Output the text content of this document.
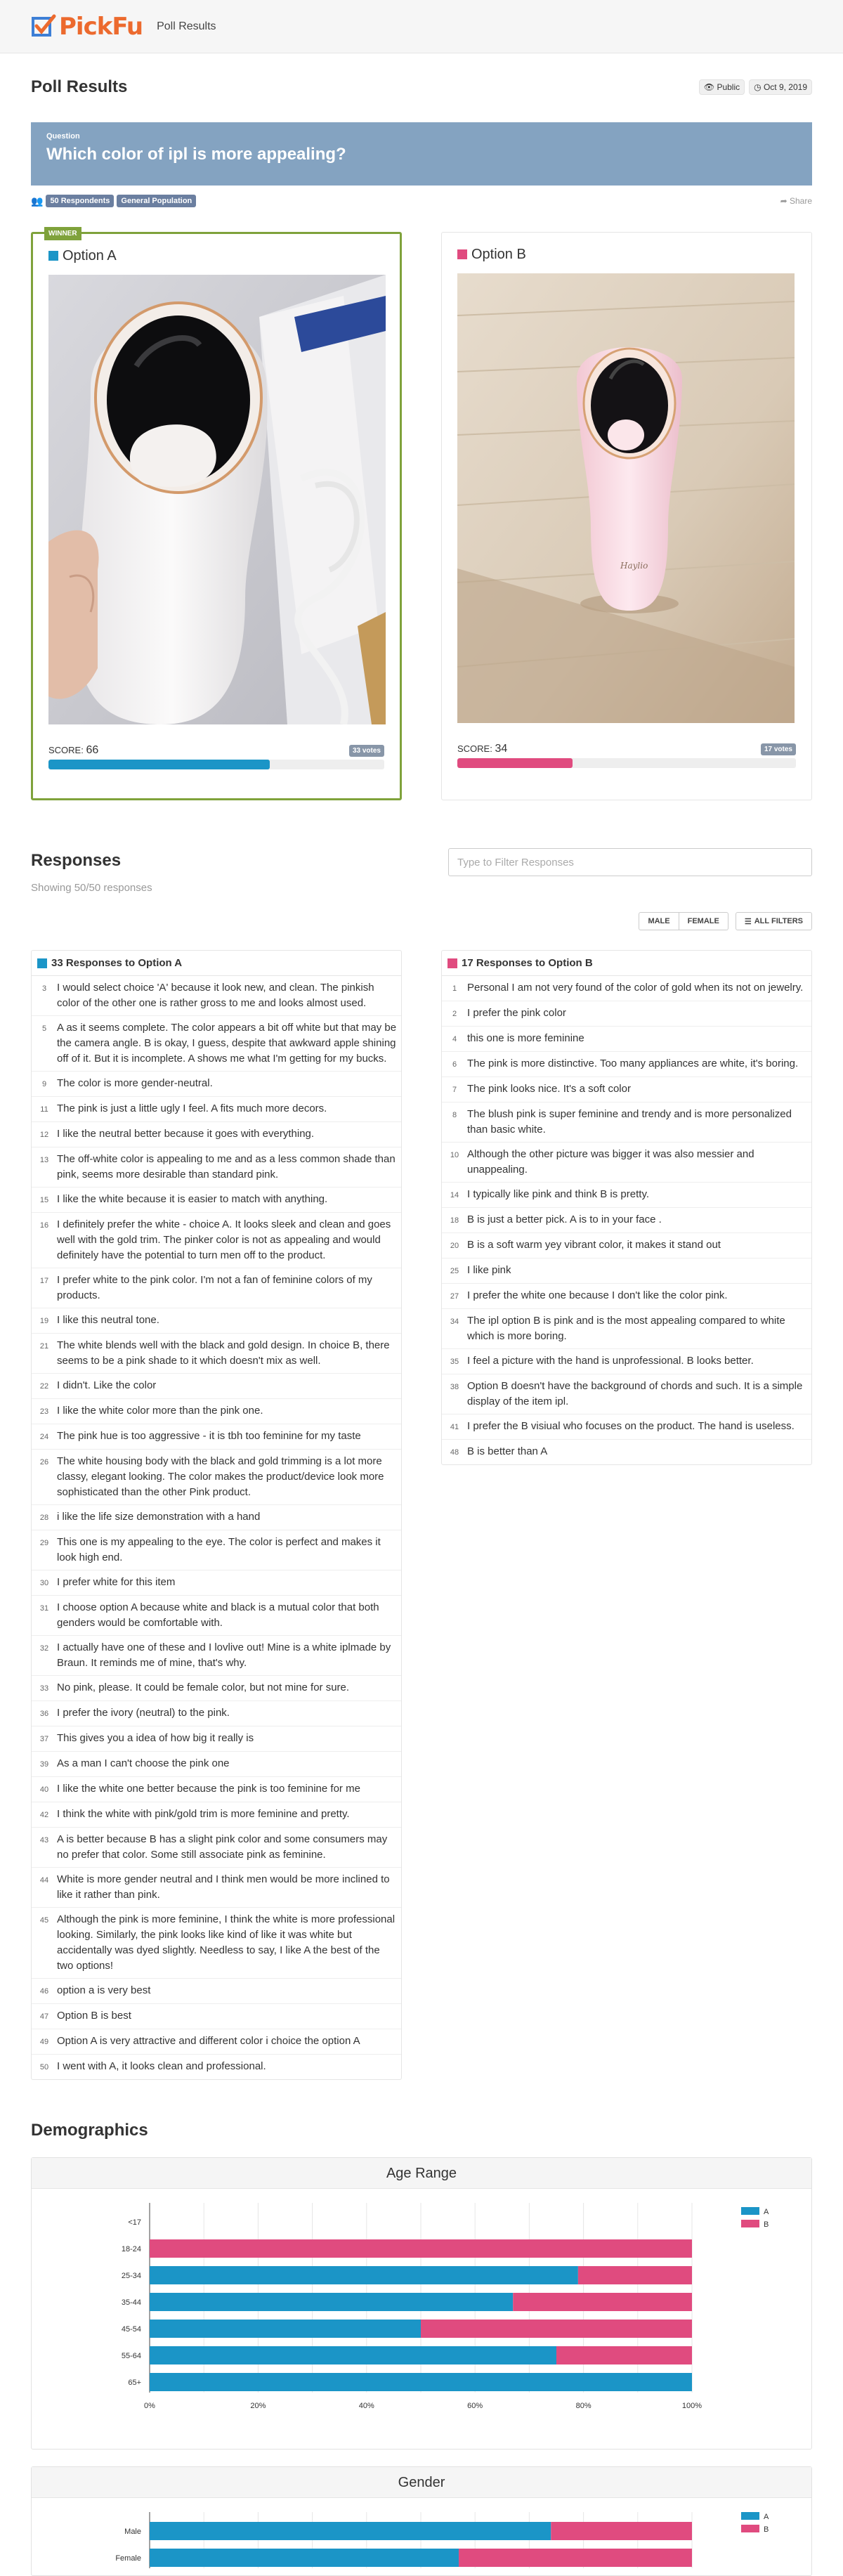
PickFu Poll Results
Poll Results	👁 Public	◷ Oct 9, 2019
Question
Which color of ipl is more appealing?
👥 50 Respondents	General Population	➦ Share
WINNER
Option A
SCORE: 66	33 votes
Option B
Haylio
SCORE: 34	17 votes
Responses
Showing 50/50 responses
Type to Filter Responses
MALE	FEMALE	☰ ALL FILTERS
33 Responses to Option A
3 I would select choice 'A' because it look new, and clean. The pinkish color of the other one is rather gross to me and looks almost used.
5 A as it seems complete. The color appears a bit off white but that may be the camera angle. B is okay, I guess, despite that awkward apple shining off of it. But it is incomplete. A shows me what I'm getting for my bucks.
9 The color is more gender-neutral.
11 The pink is just a little ugly I feel. A fits much more decors.
12 I like the neutral better because it goes with everything.
13 The off-white color is appealing to me and as a less common shade than pink, seems more desirable than standard pink.
15 I like the white because it is easier to match with anything.
16 I definitely prefer the white - choice A. It looks sleek and clean and goes well with the gold trim. The pinker color is not as appealing and would definitely have the potential to turn men off to the product.
17 I prefer white to the pink color. I'm not a fan of feminine colors of my products.
19 I like this neutral tone.
21 The white blends well with the black and gold design. In choice B, there seems to be a pink shade to it which doesn't mix as well.
22 I didn't. Like the color
23 I like the white color more than the pink one.
24 The pink hue is too aggressive - it is tbh too feminine for my taste
26 The white housing body with the black and gold trimming is a lot more classy, elegant looking. The color makes the product/device look more sophisticated than the other Pink product.
28 i like the life size demonstration with a hand
29 This one is my appealing to the eye. The color is perfect and makes it look high end.
30 I prefer white for this item
31 I choose option A because white and black is a mutual color that both genders would be comfortable with.
32 I actually have one of these and I lovlive out! Mine is a white iplmade by Braun. It reminds me of mine, that's why.
33 No pink, please. It could be female color, but not mine for sure.
36 I prefer the ivory (neutral) to the pink.
37 This gives you a idea of how big it really is
39 As a man I can't choose the pink one
40 I like the white one better because the pink is too feminine for me
42 I think the white with pink/gold trim is more feminine and pretty.
43 A is better because B has a slight pink color and some consumers may no prefer that color. Some still associate pink as feminine.
44 White is more gender neutral and I think men would be more inclined to like it rather than pink.
45 Although the pink is more feminine, I think the white is more professional looking. Similarly, the pink looks like kind of like it was white but accidentally was dyed slightly. Needless to say, I like A the best of the two options!
46 option a is very best
47 Option B is best
49 Option A is very attractive and different color i choice the option A
50 I went with A, it looks clean and professional.
17 Responses to Option B
1 Personal I am not very found of the color of gold when its not on jewelry.
2 I prefer the pink color
4 this one is more feminine
6 The pink is more distinctive. Too many appliances are white, it's boring.
7 The pink looks nice. It's a soft color
8 The blush pink is super feminine and trendy and is more personalized than basic white.
10 Although the other picture was bigger it was also messier and unappealing.
14 I typically like pink and think B is pretty.
18 B is just a better pick. A is to in your face .
20 B is a soft warm yey vibrant color, it makes it stand out
25 I like pink
27 I prefer the white one because I don't like the color pink.
34 The ipl option B is pink and is the most appealing compared to white which is more boring.
35 I feel a picture with the hand is unprofessional. B looks better.
38 Option B doesn't have the background of chords and such. It is a simple display of the item ipl.
41 I prefer the B visiual who focuses on the product. The hand is useless.
48 B is better than A
Demographics
Age Range
<17
18-24
25-34
35-44
45-54
55-64
65+
0%	20%	40%	60%	80%	100%
A
B
Gender
Male
Female
A
B
